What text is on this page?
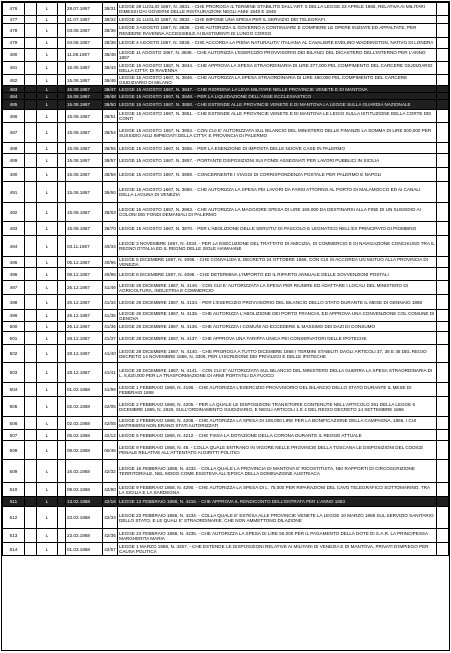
476		L		28.07.1867	38/31	LEGGE 28 LUGLIO 1867, N. 3831. - CHE PROROGA IL TERMINE STABILITO DALL'ART. 5 DELLA LEGGE 23 APRILE 1865, RELATIVA AI MILITARI DIMESSI DAI GOVERNI DELLE RISTAURAZIONI NEGLI ANNI 1848 E 1849	
477		L		31.07.1867	38/32	LEGGE 31 LUGLIO 1867, N. 3832. - CHE IMPONE UNA SPESA PER IL SERVIZIO DEI TELEGRAFI	
478		L		03.08.1867	38/36	LEGGE 3 AGOSTO 1867, N. 3836. - CHE AUTORIZZA IL GOVERNO A CONTINUARE E COMPIERE LE OPERE INIZIATE ED APPALTATE, PER RENDERE RAVENNA ACCESSIBILE AI BASTIMENTI DI LUNGO CORSO	
479		L		04.08.1867	38/38	LEGGE 4 AGOSTO 1867, N. 3838. - CHE ACCORDA LA PIENA NATURALITA' ITALIANA AL CAVALIERE EVELINO WADDINGTON, NATIVO DI LONDRA	
480		L		11.08.1867	38/48	LEGGE 11 AGOSTO 1867, N. 3848. - CHE AUTORIZZA L'ESERCIZIO PROVVISORIO DEI BILANCI DEL DICASTERO DELL'INTERNO PER L'ANNO 1867	
481		L		15.08.1867	38/44	LEGGE 15 AGOSTO 1867, N. 3844. - CHE APPROVA LA SPESA STRAORDINARIA DI LIRE 377,000 PEL COMPIMENTO DEL CARCERE GIUDIZIARIO DELLA CITTA' DI RAVENNA	
482		L		15.08.1867	38/46	LEGGE 15 AGOSTO 1867, N. 3846. - CHE AUTORIZZA LA SPESA STRAORDINARIA DI LIRE 480,000 PEL COMPIMENTO DEL CARCERE GIUDIZIARIO DI MILANO	
483		L		15.08.1867	38/47	LEGGE 15 AGOSTO 1867, N. 3847. - CHE RIORDINA LA LEVA MILITARE NELLE PROVINCIE VENETE E DI MANTOVA	
484		L		15.08.1867	38/48	LEGGE 15 AGOSTO 1867, N. 3848. - PER LA LIQUIDAZIONE DELL'ASSE ECCLESIASTICO	
485		L		15.08.1867	38/50	LEGGE 15 AGOSTO 1867, N. 3850. - CHE ESTENDE ALLE PROVINCIE VENETE E DI MANTOVA LA LEGGE SULLA GUARDIA NAZIONALE	
486		L		15.08.1867	38/51	LEGGE 15 AGOSTO 1867, N. 3851. - CHE ESTENDE ALLE PROVINCIE VENETE E DI MANTOVA LE LEGGI SULLA ISTITUZIONE DELLA CORTE DEI CONTI	
487		L		15.08.1867	38/54	LEGGE 15 AGOSTO 1867, N. 3854. - CON CUI E' AUTORIZZATA SUL BILANCIO DEL MINISTERO DELLE FINANZE LA SOMMA DI LIRE 500,000 PER SUSSIDIO AGLI IMPIEGATI DELLA CITTA' E PROVINCIA DI PALERMO	
488		L		15.08.1867	38/55	LEGGE 15 AGOSTO 1867, N. 3855. - PER LA ESENZIONE DI IMPOSTA DELLE NUOVE CASE IN PALERMO	
489		L		15.08.1867	38/57	LEGGE 15 AGOSTO 1867, N. 3857. - PORTANTE DISPOSIZIONI SUI FONDI ASSEGNATI PER LAVORI PUBBLICI IN SICILIA	
490		L		15.08.1867	38/59	LEGGE 15 AGOSTO 1867, N. 3859. - CONCERNENTE I VIAGGI DI CORRISPONDENZA POSTALE PER PALERMO E NAPOLI	
491		L		15.08.1867	38/60	LEGGE 15 AGOSTO 1867, N. 3860. - CHE AUTORIZZA LA SPESA PEI LAVORI DA FARSI ATTORNO AL PORTO DI MALAMOCCO ED AI CANALI DELLA LAGUNA DI VENEZIA	
492		L		15.08.1867	38/63	LEGGE 15 AGOSTO 1867, N. 3863. - CHE AUTORIZZA LA MAGGIORE SPESA DI LIRE 169,000 DA DESTINARSI ALLA FINE DI UN SUSSIDIO AI COLONI DEI FONDI DEMANIALI DI PALERMO	
493		L		15.08.1867	38/70	LEGGE 15 AGOSTO 1867, N. 3870. - PER L'ABOLIZIONE DELLE SERVITU' DI PASCOLO E LEGNATICO NELL'EX PRINCIPATO DI PIOMBINO	
494		L		03.11.1867	40/34	LEGGE 3 NOVEMBRE 1867, N. 4034. - PER LA ESECUZIONE DEL TRATTATO DI AMICIZIA, DI COMMERCIO E DI NAVIGAZIONE CONCHIUSO TRA IL REGNO D'ITALIA ED IL REGNO DELLE ISOLE HAWAIANE	
495		L		05.12.1867	40/96	LEGGE 5 DICEMBRE 1867, N. 4096. - CHE CONVALIDA IL DECRETO 24 OTTOBRE 1866, CON CUI SI ACCORDA UN MUTUO ALLA PROVINCIA DI VENEZIA	
496		L		08.12.1867	40/98	LEGGE 8 DICEMBRE 1867, N. 4098. - CHE DETERMINA L'IMPORTO ED IL RIPARTO ANNUALE DELLE SOVVENZIONI POSTALI	
497		L		26.12.1867	41/46	LEGGE 26 DICEMBRE 1867, N. 4146. - CON CUI E' AUTORIZZATA LA SPESA PER RIUNIRE ED ADATTARE I LOCALI DEL MINISTERO DI AGRICOLTURA, INDUSTRIA E COMMERCIO	
498		L		26.12.1867	41/34	LEGGE 26 DICEMBRE 1867, N. 4134. - PER L'ESERCIZIO PROVVISORIO DEL BILANCIO DELLO STATO DURANTE IL MESE DI GENNAIO 1868	
499		L		26.12.1867	41/35	LEGGE 26 DICEMBRE 1867, N. 4135. - CHE AUTORIZZA L'ABOLIZIONE DEI PORTO FRANCHI, ED APPROVA UNA CONVENZIONE COL COMUNE DI GENOVA	
500		L		26.12.1867	41/36	LEGGE 26 DICEMBRE 1867, N. 4136. - CHE AUTORIZZA I COMUNI AD ECCEDERE IL MASSIMO DEI DAZI DI CONSUMO	
501		L		28.12.1867	41/37	LEGGE 28 DICEMBRE 1867, N. 4137. - CHE APPROVA UNA TARIFFA UNICA PEI CONSERVATORI DELLE IPOTECHE	
502		L		28.12.1867	41/40	LEGGE 28 DICEMBRE 1867, N. 4140. - CHE PROROGA A TUTTO DICEMBRE 1868 I TERMINI STABILITI DAGLI ARTICOLI 37, 38 E 48 DEL REGIO DECRETO 14 NOVEMBRE 1866, N. 3306, PER L'ISCRIZIONE DEI PRIVILEGI E DELLE IPOTECHE	
503		L		28.12.1867	41/41	LEGGE 28 DICEMBRE 1867, N. 4141. - CON CUI E' AUTORIZZATA SUL BILANCIO DEL MINISTERO DELLA GUERRA LA SPESA STRAORDINARIA DI L. 6,620,000 PER LA TRASFORMAZIONE DI ARMI PORTATILI DA FUOCO	
504		L		01.02.1868	41/96	LEGGE 1 FEBBRAIO 1868, N. 4196. - CHE AUTORIZZA L'ESERCIZIO PROVVISORIO DEL BILANCIO DELLO STATO DURANTE IL MESE DI FEBBRAIO 1868	
505		L		02.02.1868	42/05	LEGGE 2 FEBBRAIO 1868, N. 4205. - PER LA QUALE LE DISPOSIZIONI TRANSITORIE CONTENUTE NELL'ARTICOLO 291 DELLA LEGGE 6 DICEMBRE 1865, N. 2626, SULL'ORDINAMENTO GIUDIZIARIO, E NEGLI ARTICOLI 1 E 4 DEL REGIO DECRETO 14 SETTEMBRE 1866	
506		L		02.02.1868	42/08	LEGGE 2 FEBBRAIO 1868, N. 4208. - CHE AUTORIZZA LA SPESA DI 108,000 LIRE PER LA BONIFICAZIONE DELLA CAMPAGNA, 1866, I CUI MATRIMONI NON ERANO STATI AUTORIZZATI	
507		L		05.02.1868	42/12	LEGGE 5 FEBBRAIO 1868, N. 4212. - CHE FISSA LA DOTAZIONE DELLA CORONA DURANTE IL REGNO ATTUALE	
508		L		09.02.1868	00/48	LEGGE 9 FEBBRAIO 1868, N. 48. - COLLA QUALE ENTRANO IN VIGORE NELLE PROVINCIE DELLA TOSCANA LE DISPOSIZIONI DEL CODICE PENALE RELATIVE ALL'ATTENTATO AI DIRITTI POLITICI	
509		L		16.02.1868	42/32	LEGGE 16 FEBBRAIO 1868, N. 4232. - COLLA QUALE LA PROVINCIA DI MANTOVA E' RICOSTITUITA, NEI RAPPORTI DI CIRCOSCRIZIONE TERRITORIALE, NEL MODO COME ESISTEVA ALL'EPOCA DELLA DOMINAZIONE AUSTRIACA	
510		L		09.02.1868	42/90	LEGGE 9 FEBBRAIO 1868, N. 4290. - CHE AUTORIZZA LA SPESA DI L. 75,000 PER RIPARAZIONI DEL CAVO TELEGRAFICO SOTTOMARINO, TRA LA SICILIA E LA SARDEGNA	
511		L		13.02.1868	42/16	LEGGE 13 FEBBRAIO 1868, N. 4216. - CHE APPROVA IL RENDICONTO DELL'ENTRATA PER L'ANNO 1863	
512		L		23.02.1868	42/34	LEGGE 23 FEBBRAIO 1868, N. 4234. - COLLA QUALE E' ESTESA ALLE PROVINCIE VENETE LA LEGGE 10 MARZO 1868 SUL SERVIZIO SANITARIO DELLO STATO, E LE QUALI E' STRAORDINARIE, CHE NON AMMETTONO DILAZIONE	
513		L		23.02.1868	42/35	LEGGE 23 FEBBRAIO 1868, N. 4235. - CHE AUTORIZZA LA SPESA DI LIRE 50,000 PER IL PAGAMENTO DELLA DOTE DI S.A.R. LA PRINCIPESSA MARGHERITA MARIA	
514		L		01.03.1868	42/57	LEGGE 1 MARZO 1868, N. 4257. - CHE ESTENDE LE DISPOSIZIONI RELATIVE AI MILITARI DI VENEZIA E DI MANTOVA, PRIVATI D'IMPIEGO PER CAUSA POLITICA	
